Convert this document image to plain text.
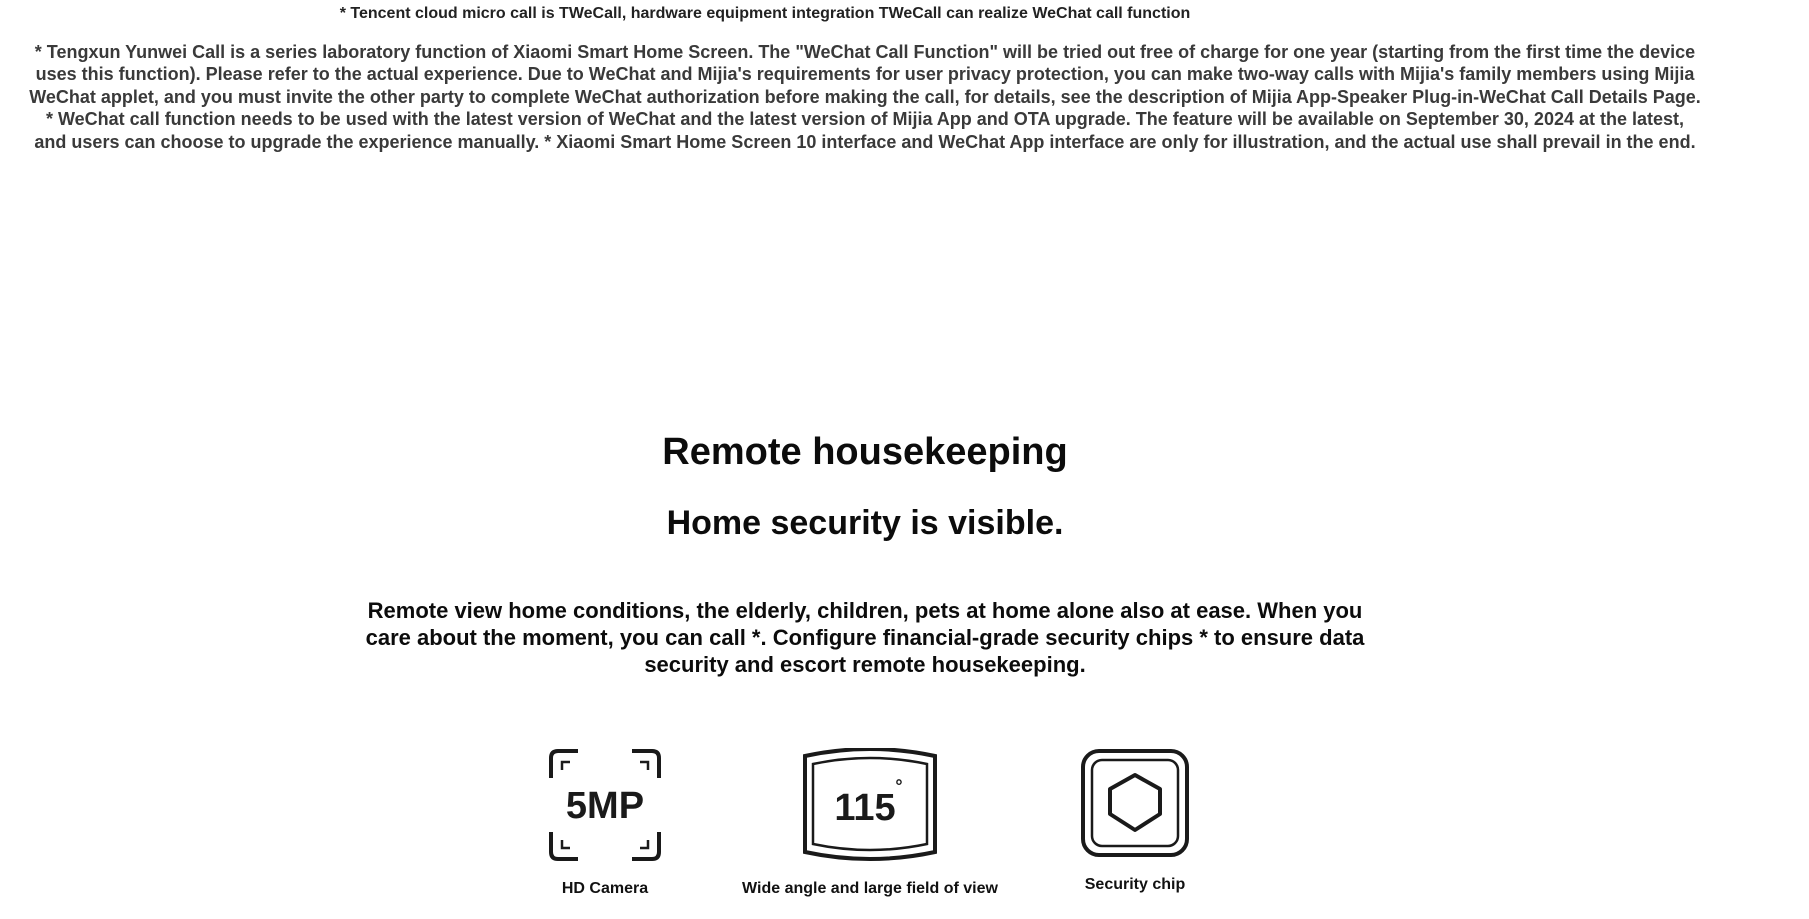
* Tencent cloud micro call is TWeCall, hardware equipment integration TWeCall can realize WeChat call function
* Tengxun Yunwei Call is a series laboratory function of Xiaomi Smart Home Screen. The "WeChat Call Function" will be tried out free of charge for one year (starting from the first time the device uses this function). Please refer to the actual experience. Due to WeChat and Mijia's requirements for user privacy protection, you can make two-way calls with Mijia's family members using Mijia WeChat applet, and you must invite the other party to complete WeChat authorization before making the call, for details, see the description of Mijia App-Speaker Plug-in-WeChat Call Details Page. * WeChat call function needs to be used with the latest version of WeChat and the latest version of Mijia App and OTA upgrade. The feature will be available on September 30, 2024 at the latest, and users can choose to upgrade the experience manually. * Xiaomi Smart Home Screen 10 interface and WeChat App interface are only for illustration, and the actual use shall prevail in the end.
Remote housekeeping
Home security is visible.
Remote view home conditions, the elderly, children, pets at home alone also at ease. When you care about the moment, you can call *. Configure financial-grade security chips * to ensure data security and escort remote housekeeping.
5MP
HD Camera
115
°
Wide angle and large field of view	Security chip
